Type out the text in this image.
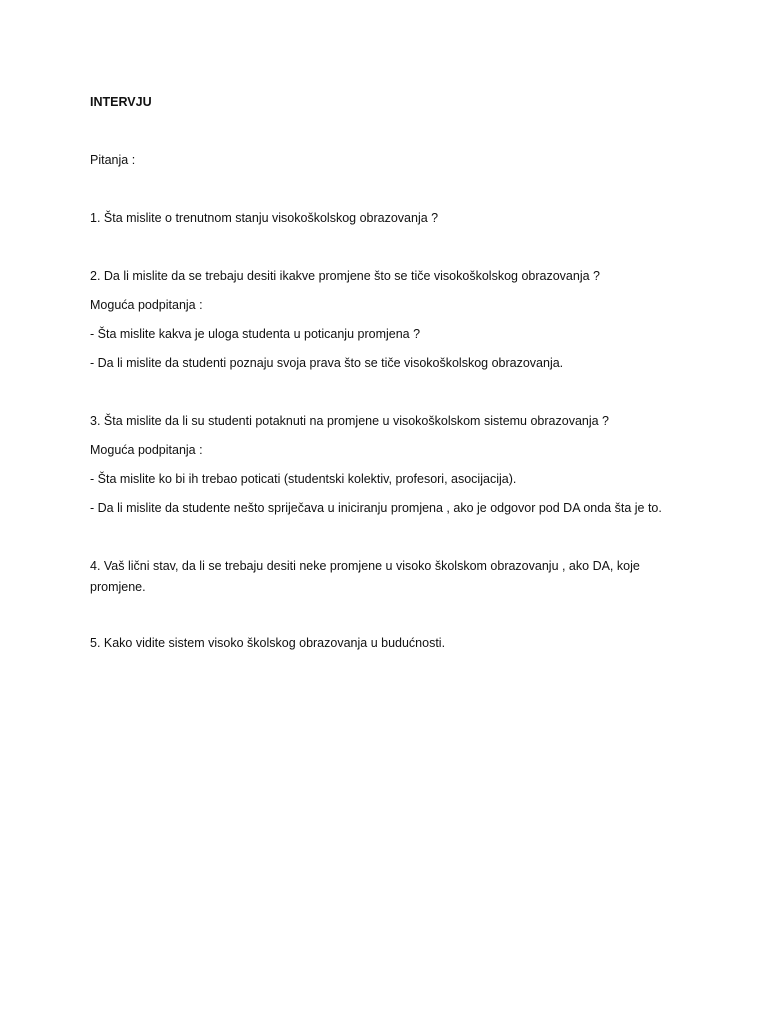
INTERVJU
Pitanja :
1. Šta mislite o trenutnom stanju visokoškolskog obrazovanja ?
2. Da li mislite da se trebaju desiti ikakve promjene što se tiče visokoškolskog obrazovanja ?
Moguća podpitanja :
- Šta mislite kakva je uloga studenta u poticanju promjena ?
- Da li mislite da studenti poznaju svoja prava što se tiče visokoškolskog obrazovanja.
3. Šta mislite da li su studenti potaknuti na promjene u visokoškolskom sistemu obrazovanja ?
Moguća podpitanja :
- Šta mislite ko bi ih trebao poticati (studentski kolektiv, profesori, asocijacija).
- Da li mislite da studente nešto spriječava u iniciranju promjena , ako je odgovor pod DA onda šta je to.
4. Vaš lični stav, da li se trebaju desiti neke promjene u visoko školskom obrazovanju , ako DA, koje promjene.
5. Kako vidite sistem visoko školskog obrazovanja u budućnosti.
